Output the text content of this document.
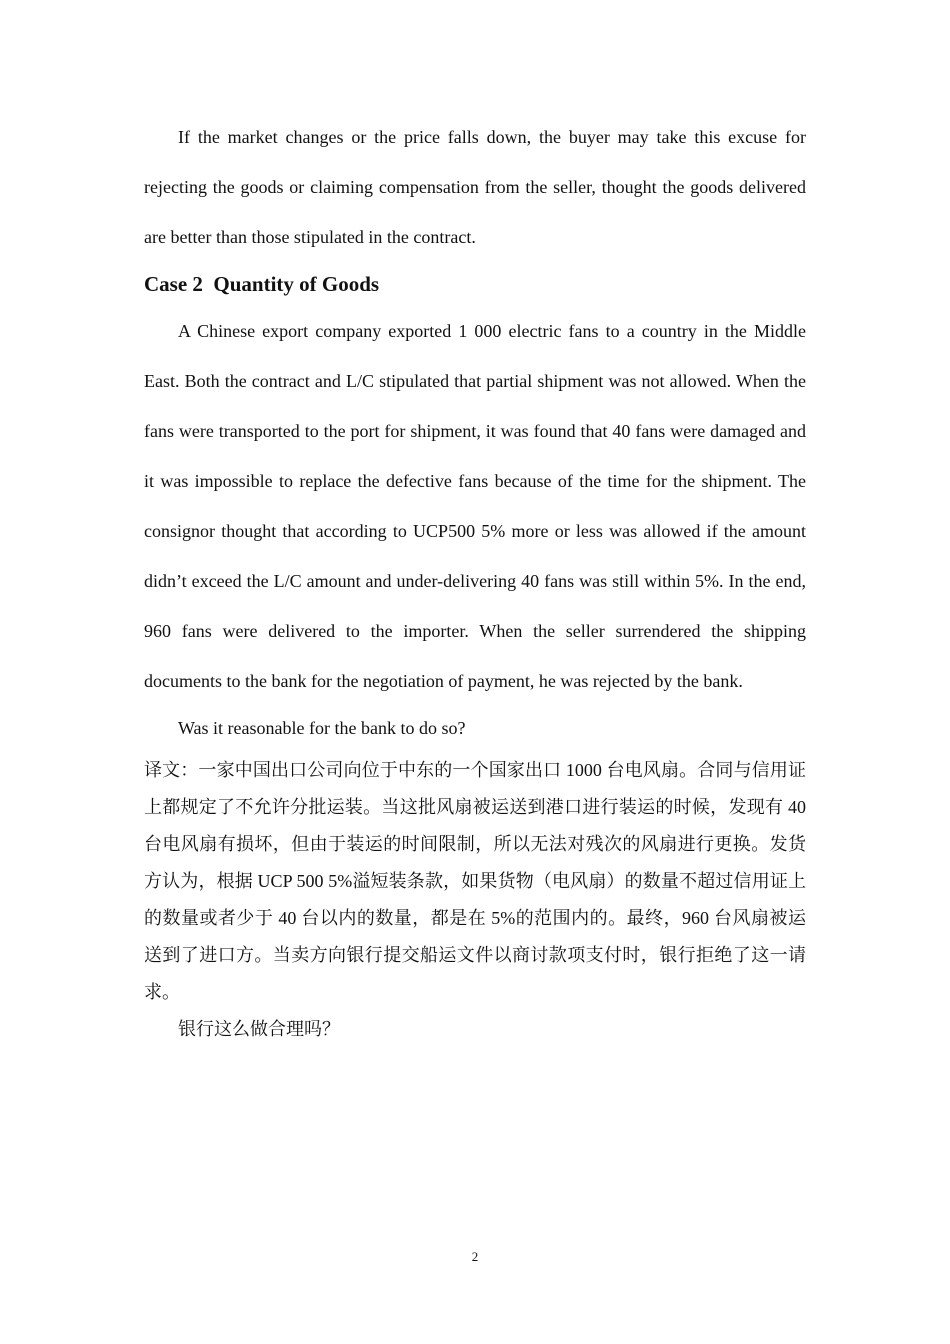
If the market changes or the price falls down, the buyer may take this excuse for rejecting the goods or claiming compensation from the seller, thought the goods delivered are better than those stipulated in the contract.

Case 2  Quantity of Goods

A Chinese export company exported 1 000 electric fans to a country in the Middle East. Both the contract and L/C stipulated that partial shipment was not allowed. When the fans were transported to the port for shipment, it was found that 40 fans were damaged and it was impossible to replace the defective fans because of the time for the shipment. The consignor thought that according to UCP500 5% more or less was allowed if the amount didn’t exceed the L/C amount and under-delivering 40 fans was still within 5%. In the end, 960 fans were delivered to the importer. When the seller surrendered the shipping documents to the bank for the negotiation of payment, he was rejected by the bank.

Was it reasonable for the bank to do so?

译文：一家中国出口公司向位于中东的一个国家出口 1000 台电风扇。合同与信用证上都规定了不允许分批运装。当这批风扇被运送到港口进行装运的时候，发现有 40 台电风扇有损坏，但由于装运的时间限制，所以无法对残次的风扇进行更换。发货方认为，根据 UCP 500 5%溢短装条款，如果货物（电风扇）的数量不超过信用证上的数量或者少于 40 台以内的数量，都是在 5%的范围内的。最终，960 台风扇被运送到了进口方。当卖方向银行提交船运文件以商讨款项支付时，银行拒绝了这一请求。

银行这么做合理吗？

2
